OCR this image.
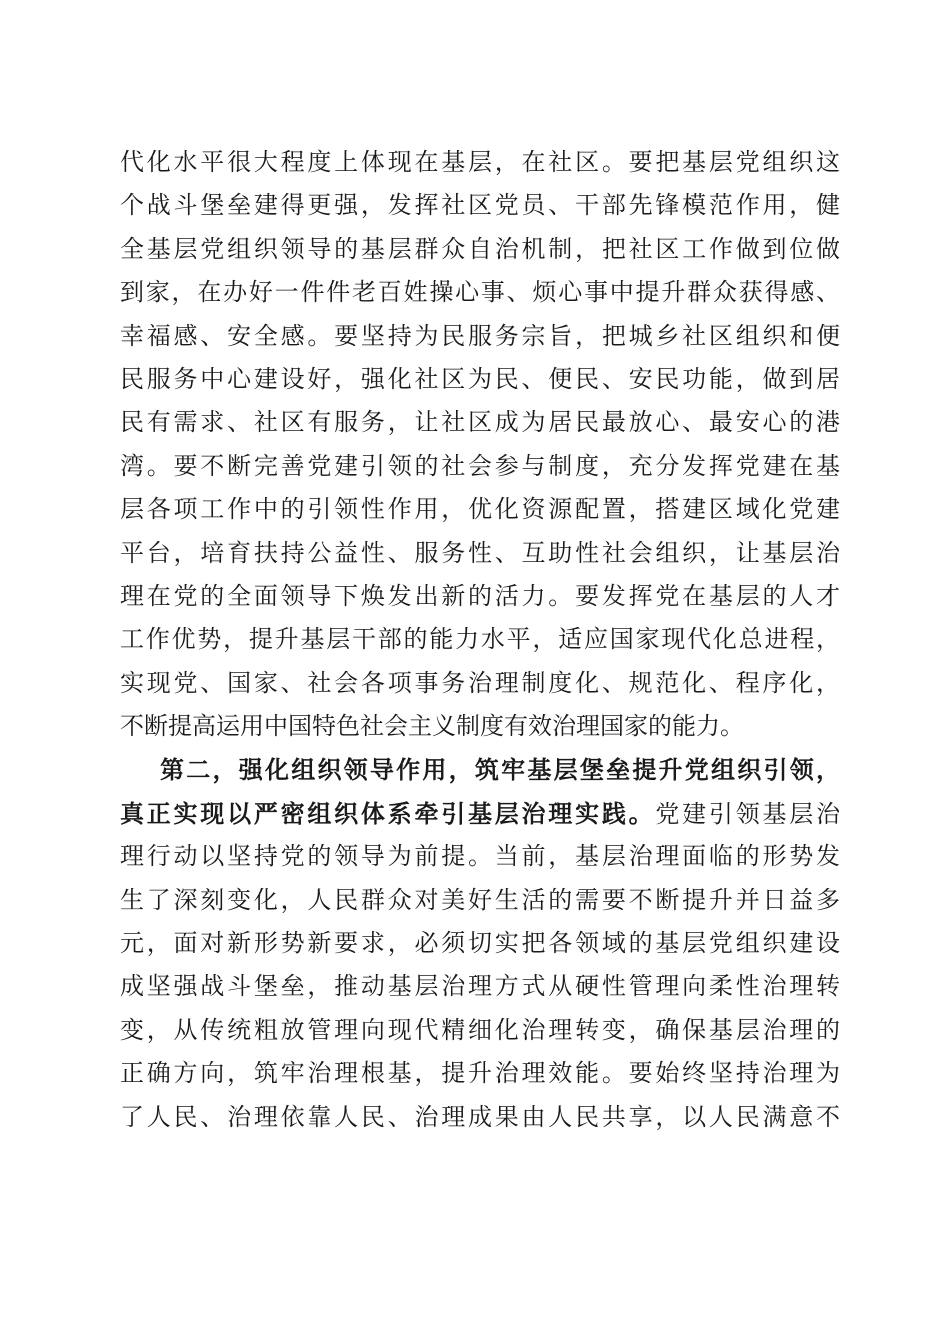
代化水平很大程度上体现在基层，在社区。要把基层党组织这
个战斗堡垒建得更强，发挥社区党员、干部先锋模范作用，健
全基层党组织领导的基层群众自治机制，把社区工作做到位做
到家，在办好一件件老百姓操心事、烦心事中提升群众获得感、
幸福感、安全感。要坚持为民服务宗旨，把城乡社区组织和便
民服务中心建设好，强化社区为民、便民、安民功能，做到居
民有需求、社区有服务，让社区成为居民最放心、最安心的港
湾。要不断完善党建引领的社会参与制度，充分发挥党建在基
层各项工作中的引领性作用，优化资源配置，搭建区域化党建
平台，培育扶持公益性、服务性、互助性社会组织，让基层治
理在党的全面领导下焕发出新的活力。要发挥党在基层的人才
工作优势，提升基层干部的能力水平，适应国家现代化总进程，
实现党、国家、社会各项事务治理制度化、规范化、程序化，
不断提高运用中国特色社会主义制度有效治理国家的能力。
第二，强化组织领导作用，筑牢基层堡垒提升党组织引领，
真正实现以严密组织体系牵引基层治理实践。党建引领基层治
理行动以坚持党的领导为前提。当前，基层治理面临的形势发
生了深刻变化，人民群众对美好生活的需要不断提升并日益多
元，面对新形势新要求，必须切实把各领域的基层党组织建设
成坚强战斗堡垒，推动基层治理方式从硬性管理向柔性治理转
变，从传统粗放管理向现代精细化治理转变，确保基层治理的
正确方向，筑牢治理根基，提升治理效能。要始终坚持治理为
了人民、治理依靠人民、治理成果由人民共享，以人民满意不
